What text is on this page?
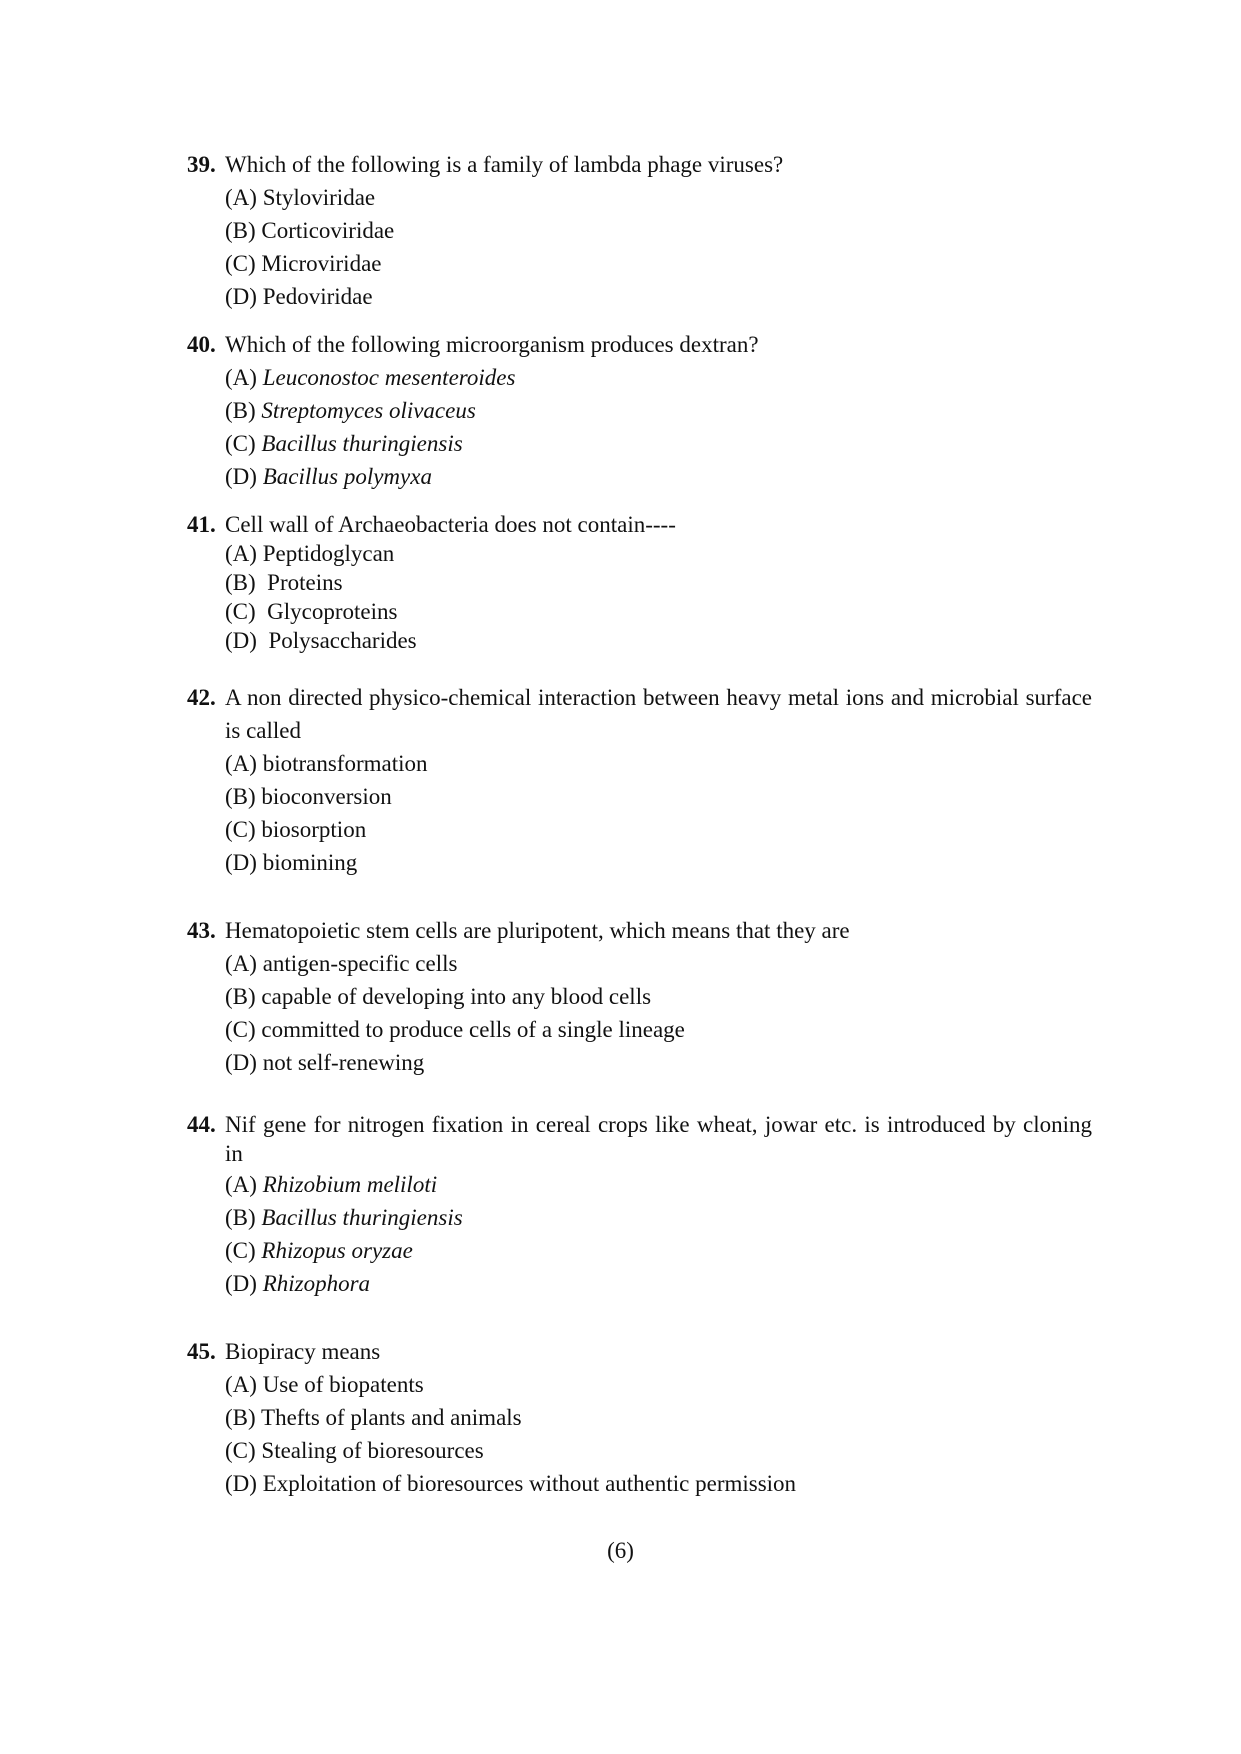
39. Which of the following is a family of lambda phage viruses?
(A) Styloviridae
(B) Corticoviridae
(C) Microviridae
(D) Pedoviridae
40. Which of the following microorganism produces dextran?
(A) Leuconostoc mesenteroides
(B) Streptomyces olivaceus
(C) Bacillus thuringiensis
(D) Bacillus polymyxa
41. Cell wall of Archaeobacteria does not contain----
(A) Peptidoglycan
(B)  Proteins
(C)  Glycoproteins
(D)  Polysaccharides
42. A non directed physico-chemical interaction between heavy metal ions and microbial surface is called
(A) biotransformation
(B) bioconversion
(C) biosorption
(D) biomining
43. Hematopoietic stem cells are pluripotent, which means that they are
(A) antigen-specific cells
(B) capable of developing into any blood cells
(C) committed to produce cells of a single lineage
(D) not self-renewing
44. Nif gene for nitrogen fixation in cereal crops like wheat, jowar etc. is introduced by cloning in
(A) Rhizobium meliloti
(B) Bacillus thuringiensis
(C) Rhizopus oryzae
(D) Rhizophora
45. Biopiracy means
(A) Use of biopatents
(B) Thefts of plants and animals
(C) Stealing of bioresources
(D) Exploitation of bioresources without authentic permission
(6)
